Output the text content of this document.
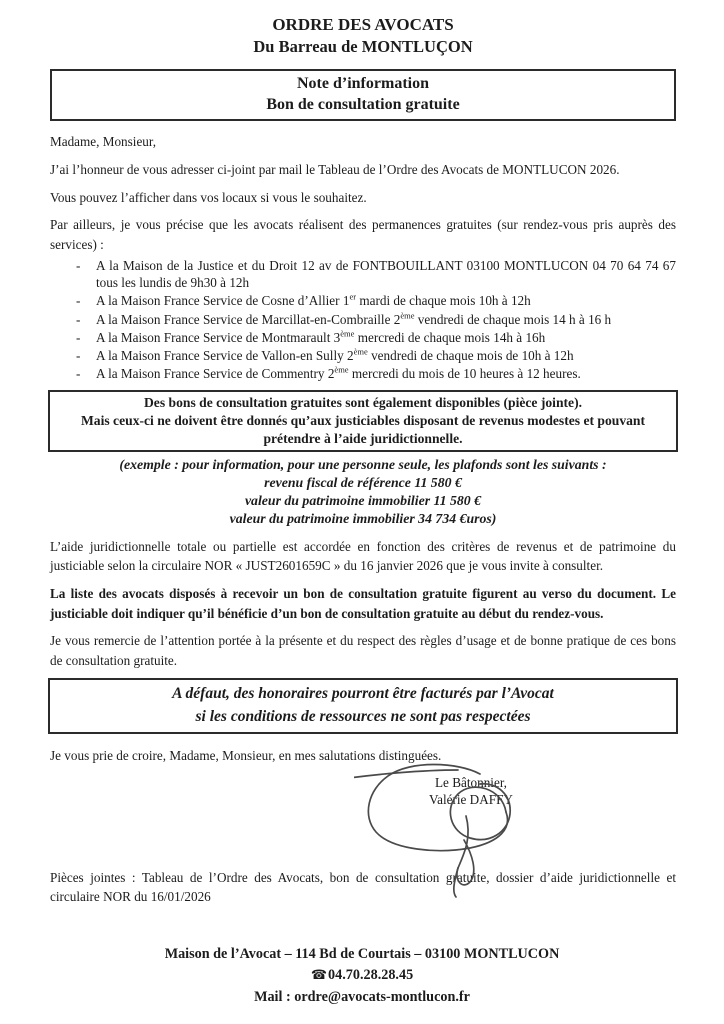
ORDRE DES AVOCATS
Du Barreau de MONTLUÇON
Note d’information
Bon de consultation gratuite

Madame, Monsieur,

J’ai l’honneur de vous adresser ci-joint par mail le Tableau de l’Ordre des Avocats de MONTLUCON 2026.

Vous pouvez l’afficher dans vos locaux si vous le souhaitez.

Par ailleurs, je vous précise que les avocats réalisent des permanences gratuites (sur rendez-vous pris auprès des services) :

-	A la Maison de la Justice et du Droit 12 av de FONTBOUILLANT 03100 MONTLUCON 04 70 64 74 67 tous les lundis de 9h30 à 12h
-	A la Maison France Service de Cosne d’Allier 1er mardi de chaque mois 10h à 12h
-	A la Maison France Service de Marcillat-en-Combraille 2ème vendredi de chaque mois 14 h à 16 h
-	A la Maison France Service de Montmarault 3ème mercredi de chaque mois 14h à 16h
-	A la Maison France Service de Vallon-en Sully 2ème vendredi de chaque mois de 10h à 12h
-	A la Maison France Service de Commentry 2ème mercredi du mois de 10 heures à 12 heures.
Des bons de consultation gratuites sont également disponibles (pièce jointe).
Mais ceux-ci ne doivent être donnés qu’aux justiciables disposant de revenus modestes et pouvant prétendre à l’aide juridictionnelle.
(exemple : pour information, pour une personne seule, les plafonds sont les suivants :
revenu fiscal de référence 11 580 €
valeur du patrimoine immobilier 11 580 €
valeur du patrimoine immobilier 34 734 €uros)

L’aide juridictionnelle totale ou partielle est accordée en fonction des critères de revenus et de patrimoine du justiciable selon la circulaire NOR « JUST2601659C » du 16 janvier 2026 que je vous invite à consulter.

La liste des avocats disposés à recevoir un bon de consultation gratuite figurent au verso du document. Le justiciable doit indiquer qu’il bénéficie d’un bon de consultation gratuite au début du rendez-vous.

Je vous remercie de l’attention portée à la présente et du respect des règles d’usage et de bonne pratique de ces bons de consultation gratuite.

A défaut, des honoraires pourront être facturés par l’Avocat
si les conditions de ressources ne sont pas respectées

Je vous prie de croire, Madame, Monsieur, en mes salutations distinguées.

Le Bâtonnier,
Valérie DAFFY

Pièces jointes : Tableau de l’Ordre des Avocats, bon de consultation gratuite, dossier d’aide juridictionnelle et circulaire NOR du 16/01/2026

Maison de l’Avocat – 114 Bd de Courtais – 03100 MONTLUCON
☎04.70.28.28.45
Mail : ordre@avocats-montlucon.fr
